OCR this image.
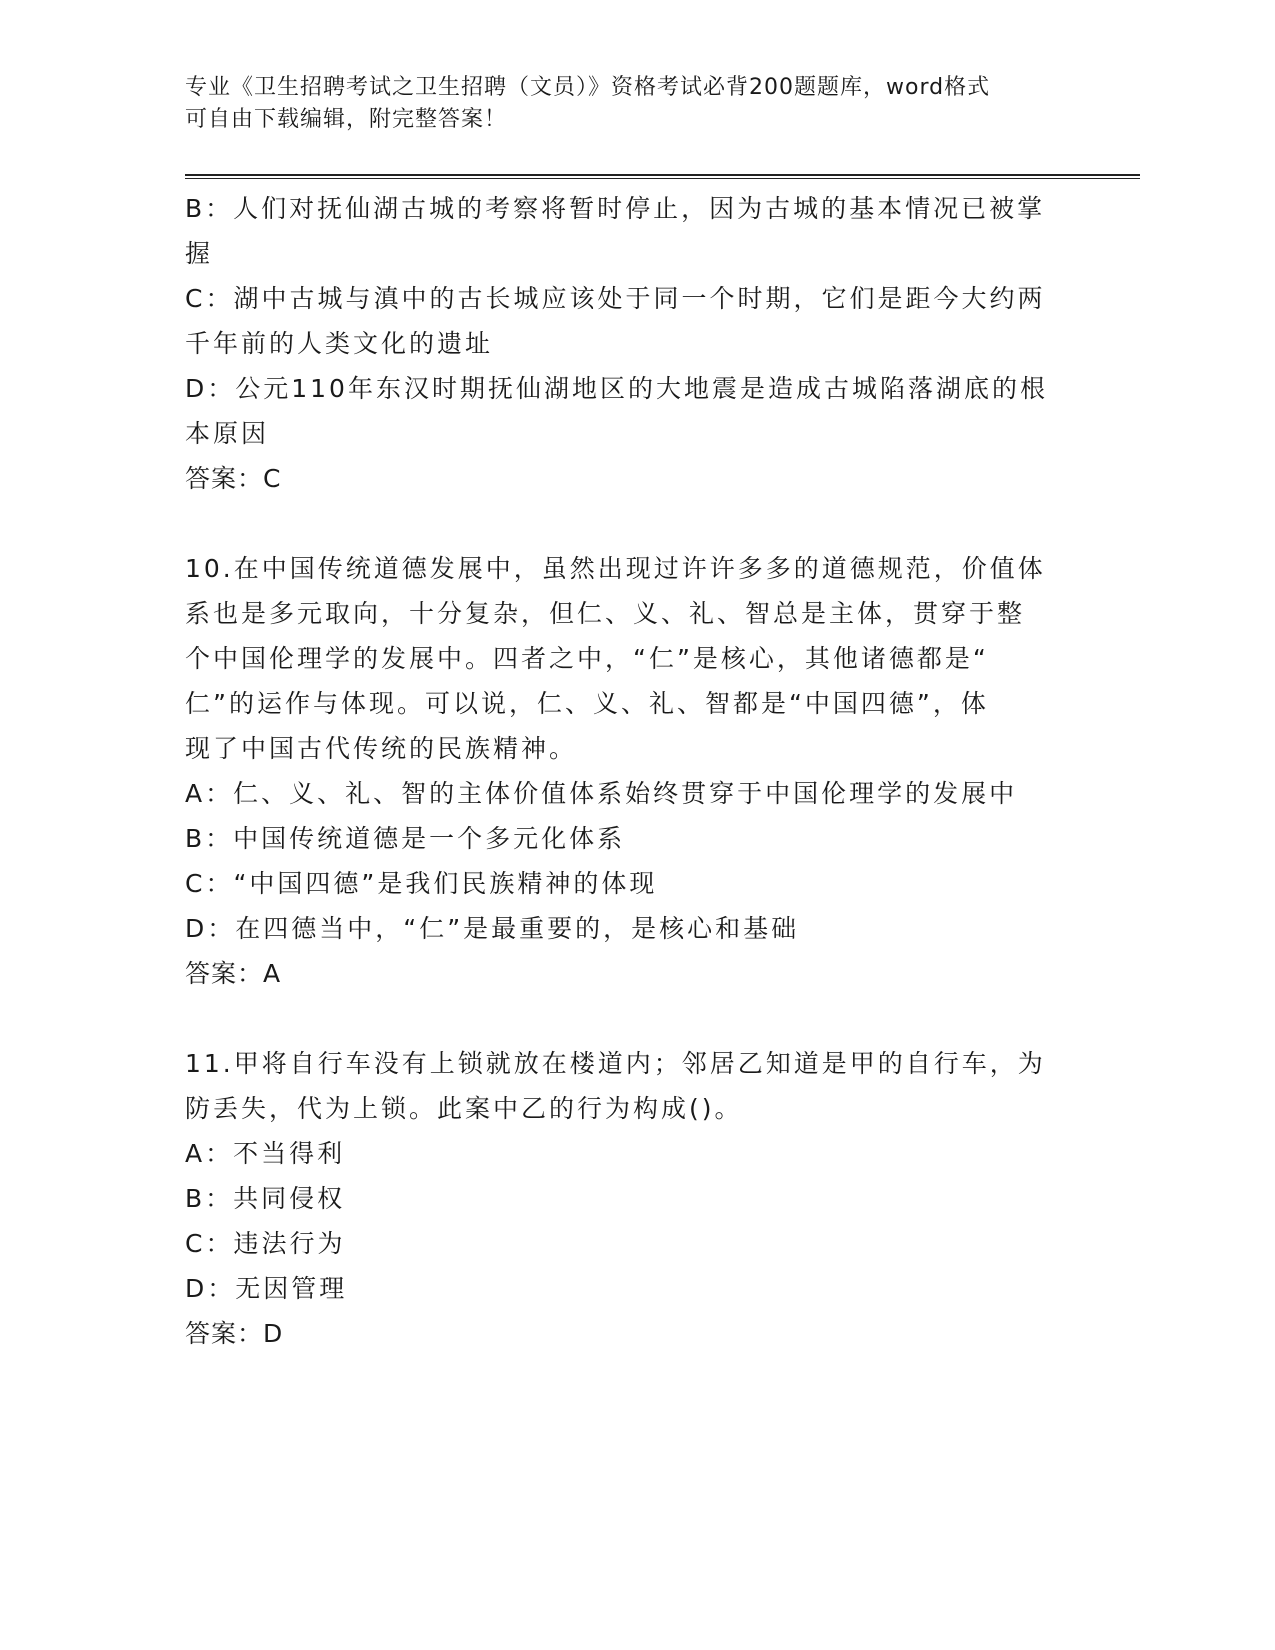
专业《卫生招聘考试之卫生招聘（文员）》资格考试必背200题题库，word格式
可自由下载编辑，附完整答案！

B：人们对抚仙湖古城的考察将暂时停止，因为古城的基本情况已被掌

握

C：湖中古城与滇中的古长城应该处于同一个时期，它们是距今大约两

千年前的人类文化的遗址

D：公元110年东汉时期抚仙湖地区的大地震是造成古城陷落湖底的根

本原因

答案：C

10.在中国传统道德发展中，虽然出现过许许多多的道德规范，价值体

系也是多元取向，十分复杂，但仁、义、礼、智总是主体，贯穿于整

个中国伦理学的发展中。四者之中，“仁”是核心，其他诸德都是“

仁”的运作与体现。可以说，仁、义、礼、智都是“中国四德”，体

现了中国古代传统的民族精神。

A：仁、义、礼、智的主体价值体系始终贯穿于中国伦理学的发展中

B：中国传统道德是一个多元化体系

C：“中国四德”是我们民族精神的体现

D：在四德当中，“仁”是最重要的，是核心和基础

答案：A

11.甲将自行车没有上锁就放在楼道内；邻居乙知道是甲的自行车，为

防丢失，代为上锁。此案中乙的行为构成()。

A：不当得利

B：共同侵权

C：违法行为

D：无因管理

答案：D
